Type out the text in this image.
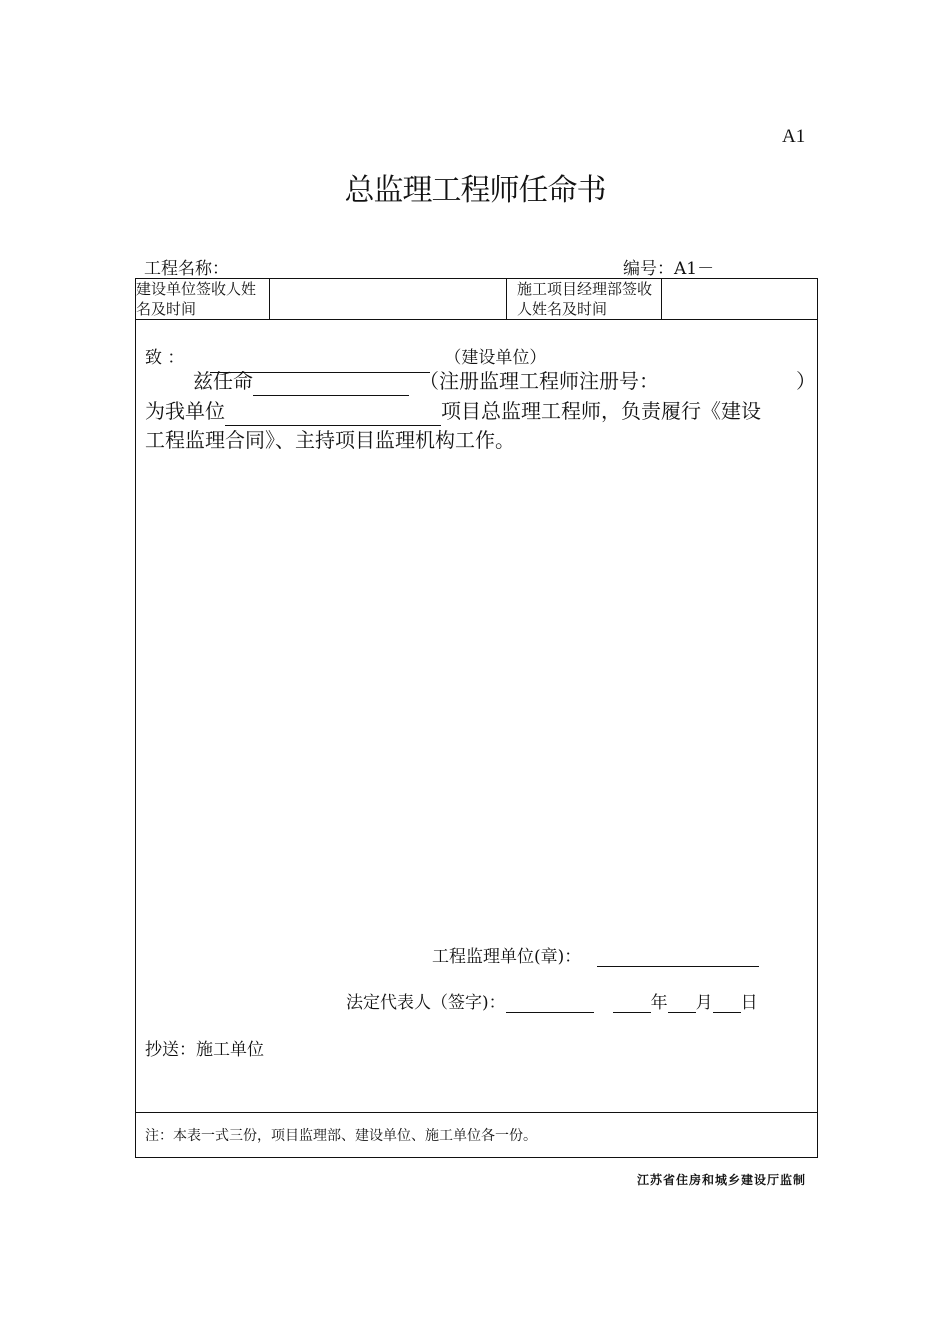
A1
总监理工程师任命书
工程名称：	编号：A1－
建设单位签收人姓名及时间		施工项目经理部签收人姓名及时间	

致 ：	（建设单位）
兹任命	（注册监理工程师注册号：	）
为我单位	项目总监理工程师，负责履行《建设
工程监理合同》、主持项目监理机构工作。
工程监理单位(章)：
法定代表人（签字)：	年 月 日
抄送：施工单位

注：本表一式三份，项目监理部、建设单位、施工单位各一份。
江苏省住房和城乡建设厅监制
